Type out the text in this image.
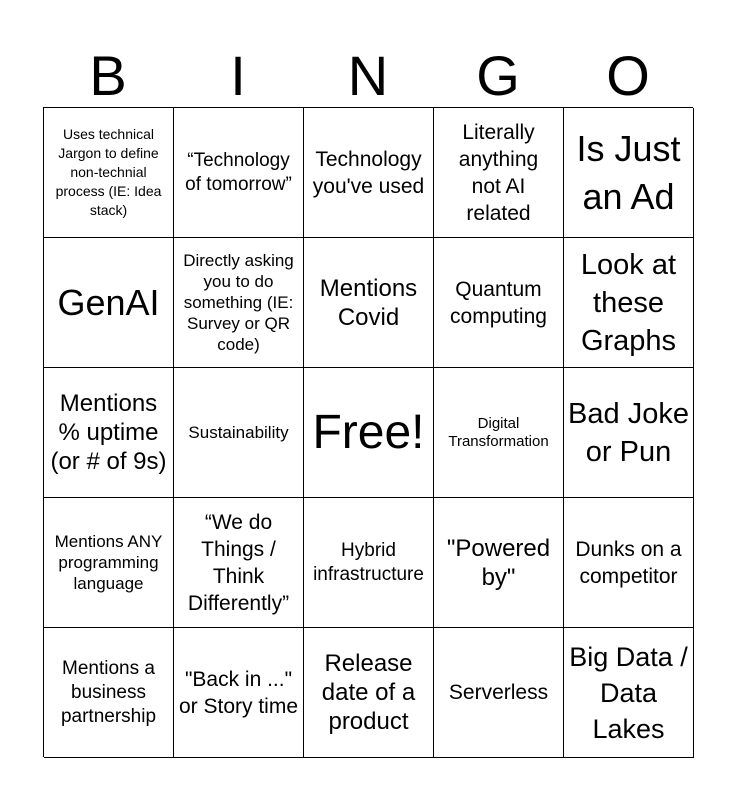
B	I	N	G	O
Uses technical Jargon to define non-technial process (IE: Idea stack)
“Technology of tomorrow”
Technology you've used
Literally anything not AI related
Is Just an Ad
GenAI
Directly asking you to do something (IE: Survey or QR code)
Mentions Covid
Quantum computing
Look at these Graphs
Mentions % uptime (or # of 9s)
Sustainability Free!	Digital Transformation
Bad Joke or Pun
Mentions ANY programming language
“We do Things / Think Differently”
Hybrid infrastructure
"Powered by"
Dunks on a competitor
Mentions a business partnership
"Back in ..." or Story time
Release date of a product
Serverless
Big Data / Data Lakes
